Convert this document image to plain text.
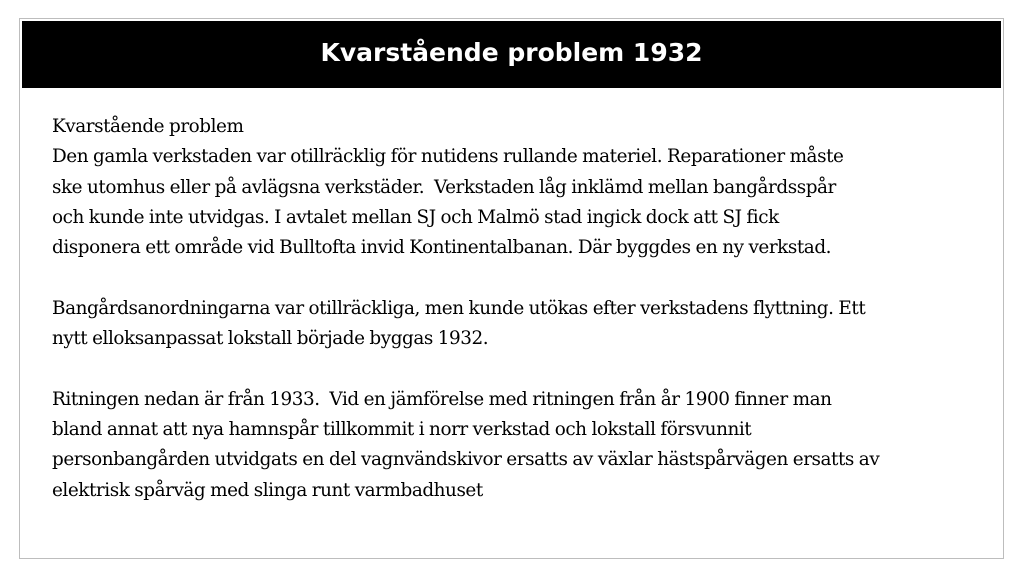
Kvarstående problem 1932

Kvarstående problem

Den gamla verkstaden var otillräcklig för nutidens rullande materiel. Reparationer måste

ske utomhus eller på avlägsna verkstäder.  Verkstaden låg inklämd mellan bangårdsspår

och kunde inte utvidgas. I avtalet mellan SJ och Malmö stad ingick dock att SJ fick

disponera ett område vid Bulltofta invid Kontinentalbanan. Där byggdes en ny verkstad.

Bangårdsanordningarna var otillräckliga, men kunde utökas efter verkstadens flyttning. Ett

nytt elloksanpassat lokstall började byggas 1932.

Ritningen nedan är från 1933.  Vid en jämförelse med ritningen från år 1900 finner man

bland annat att nya hamnspår tillkommit i norr verkstad och lokstall försvunnit

personbangården utvidgats en del vagnvändskivor ersatts av växlar hästspårvägen ersatts av

elektrisk spårväg med slinga runt varmbadhuset
